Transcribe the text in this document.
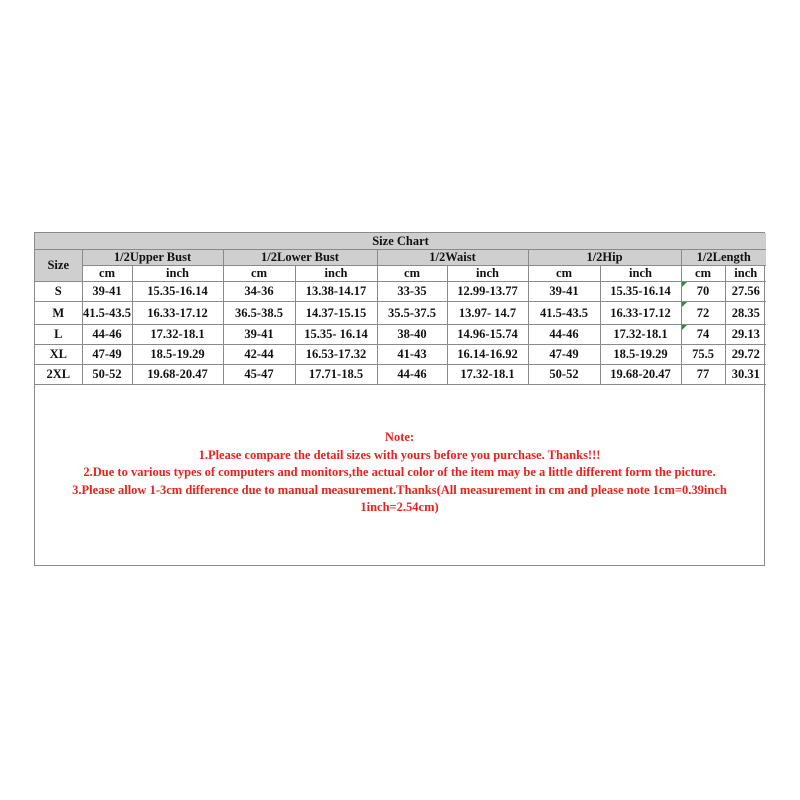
Size Chart										
Size	1/2Upper Bust		1/2Lower Bust		1/2Waist		1/2Hip		1/2Length	
	cm	inch	cm	inch	cm	inch	cm	inch	cm	inch
S	39-41	15.35-16.14	34-36	13.38-14.17	33-35	12.99-13.77	39-41	15.35-16.14	70	27.56
M	41.5-43.5	16.33-17.12	36.5-38.5	14.37-15.15	35.5-37.5	13.97- 14.7	41.5-43.5	16.33-17.12	72	28.35
L	44-46	17.32-18.1	39-41	15.35- 16.14	38-40	14.96-15.74	44-46	17.32-18.1	74	29.13
XL	47-49	18.5-19.29	42-44	16.53-17.32	41-43	16.14-16.92	47-49	18.5-19.29	75.5	29.72
2XL	50-52	19.68-20.47	45-47	17.71-18.5	44-46	17.32-18.1	50-52	19.68-20.47	77	30.31
Note:
1.Please compare the detail sizes with yours before you purchase. Thanks!!!
2.Due to various types of computers and monitors,the actual color of the item may be a little different form the picture.
3.Please allow 1-3cm difference due to manual measurement.Thanks(All measurement in cm and please note 1cm=0.39inch
1inch=2.54cm)
